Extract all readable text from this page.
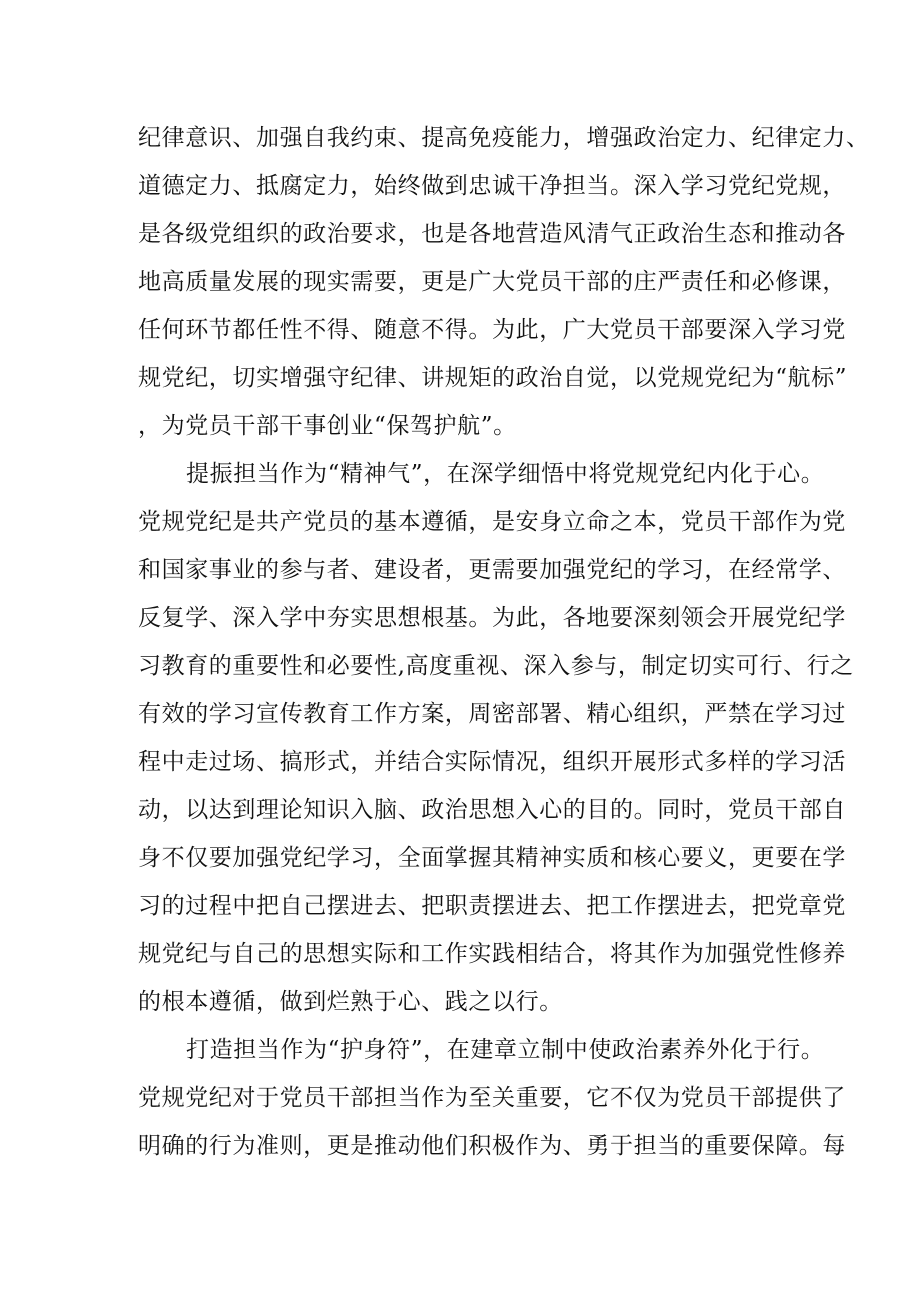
纪律意识、加强自我约束、提高免疫能力，增强政治定力、纪律定力、
道德定力、抵腐定力，始终做到忠诚干净担当。深入学习党纪党规，
是各级党组织的政治要求，也是各地营造风清气正政治生态和推动各
地高质量发展的现实需要，更是广大党员干部的庄严责任和必修课，
任何环节都任性不得、随意不得。为此，广大党员干部要深入学习党
规党纪，切实增强守纪律、讲规矩的政治自觉，以党规党纪为“航标”
，为党员干部干事创业“保驾护航”。
提振担当作为“精神气”，在深学细悟中将党规党纪内化于心。
党规党纪是共产党员的基本遵循，是安身立命之本，党员干部作为党
和国家事业的参与者、建设者，更需要加强党纪的学习，在经常学、
反复学、深入学中夯实思想根基。为此，各地要深刻领会开展党纪学
习教育的重要性和必要性,高度重视、深入参与，制定切实可行、行之
有效的学习宣传教育工作方案，周密部署、精心组织，严禁在学习过
程中走过场、搞形式，并结合实际情况，组织开展形式多样的学习活
动，以达到理论知识入脑、政治思想入心的目的。同时，党员干部自
身不仅要加强党纪学习，全面掌握其精神实质和核心要义，更要在学
习的过程中把自己摆进去、把职责摆进去、把工作摆进去，把党章党
规党纪与自己的思想实际和工作实践相结合，将其作为加强党性修养
的根本遵循，做到烂熟于心、践之以行。
打造担当作为“护身符”，在建章立制中使政治素养外化于行。
党规党纪对于党员干部担当作为至关重要，它不仅为党员干部提供了
明确的行为准则，更是推动他们积极作为、勇于担当的重要保障。每
